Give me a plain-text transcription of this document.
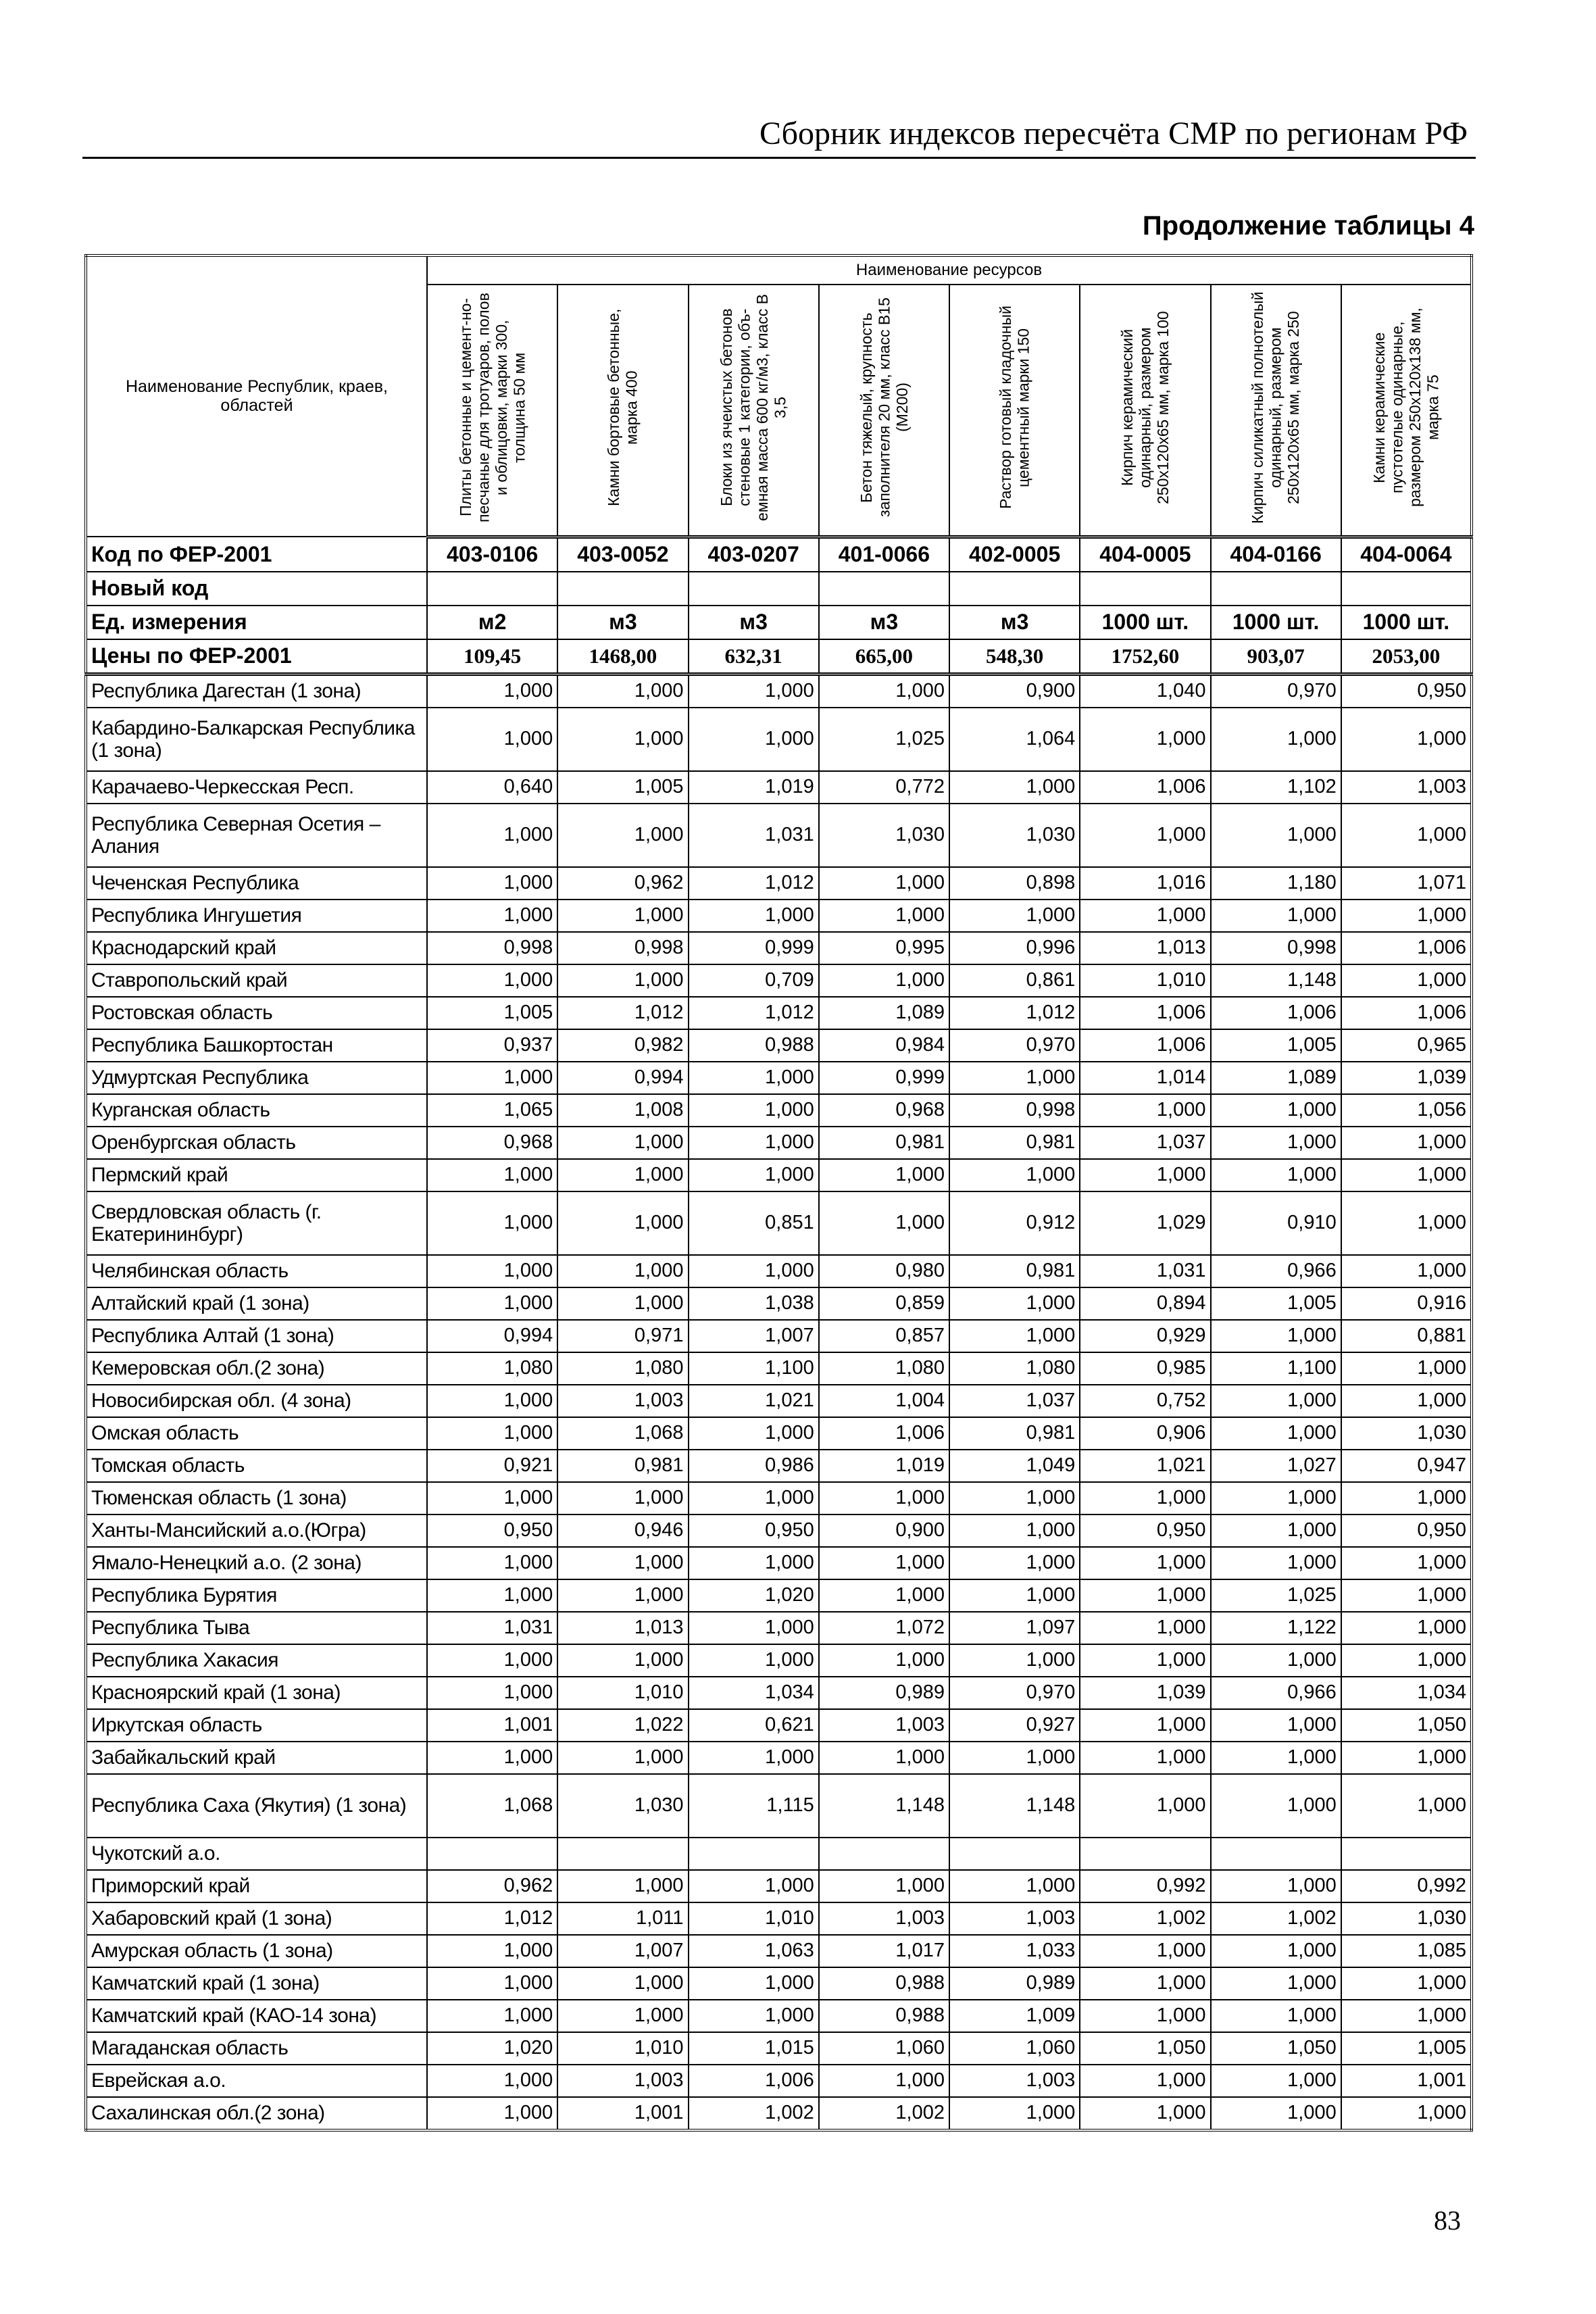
Сборник индексов пересчёта СМР по регионам РФ
Продолжение таблицы 4
Наименование Республик, краев, областей	Наименование ресурсов							
	Плиты бетонные и цемент-но-песчаные для тротуаров, полов и облицовки, марки 300, толщина 50 мм	Камни бортовые бетонные, марка 400	Блоки из ячеистых бетонов стеновые 1 категории, объ-емная масса 600 кг/м3, класс В 3,5	Бетон тяжелый, крупность заполнителя 20 мм, класс В15 (М200)	Раствор готовый кладочный цементный марки 150	Кирпич керамический одинарный, размером 250х120х65 мм, марка 100	Кирпич силикатный полнотелый одинарный, размером 250х120х65 мм, марка 250	Камни керамические пустотелые одинарные, размером 250х120х138 мм, марка 75
Код по ФЕР-2001	403-0106	403-0052	403-0207	401-0066	402-0005	404-0005	404-0166	404-0064
Новый код								
Ед. измерения	м2	м3	м3	м3	м3	1000 шт.	1000 шт.	1000 шт.
Цены по ФЕР-2001	109,45	1468,00	632,31	665,00	548,30	1752,60	903,07	2053,00
Республика Дагестан (1 зона)	1,000	1,000	1,000	1,000	0,900	1,040	0,970	0,950
Кабардино-Балкарская Республика (1 зона)	1,000	1,000	1,000	1,025	1,064	1,000	1,000	1,000
Карачаево-Черкесская Респ.	0,640	1,005	1,019	0,772	1,000	1,006	1,102	1,003
Республика Северная Осетия – Алания	1,000	1,000	1,031	1,030	1,030	1,000	1,000	1,000
Чеченская Республика	1,000	0,962	1,012	1,000	0,898	1,016	1,180	1,071
Республика Ингушетия	1,000	1,000	1,000	1,000	1,000	1,000	1,000	1,000
Краснодарский край	0,998	0,998	0,999	0,995	0,996	1,013	0,998	1,006
Ставропольский край	1,000	1,000	0,709	1,000	0,861	1,010	1,148	1,000
Ростовская область	1,005	1,012	1,012	1,089	1,012	1,006	1,006	1,006
Республика Башкортостан	0,937	0,982	0,988	0,984	0,970	1,006	1,005	0,965
Удмуртская Республика	1,000	0,994	1,000	0,999	1,000	1,014	1,089	1,039
Курганская область	1,065	1,008	1,000	0,968	0,998	1,000	1,000	1,056
Оренбургская область	0,968	1,000	1,000	0,981	0,981	1,037	1,000	1,000
Пермский край	1,000	1,000	1,000	1,000	1,000	1,000	1,000	1,000
Свердловская область (г. Екатерининбург)	1,000	1,000	0,851	1,000	0,912	1,029	0,910	1,000
Челябинская область	1,000	1,000	1,000	0,980	0,981	1,031	0,966	1,000
Алтайский край (1 зона)	1,000	1,000	1,038	0,859	1,000	0,894	1,005	0,916
Республика Алтай (1 зона)	0,994	0,971	1,007	0,857	1,000	0,929	1,000	0,881
Кемеровская обл.(2 зона)	1,080	1,080	1,100	1,080	1,080	0,985	1,100	1,000
Новосибирская обл. (4 зона)	1,000	1,003	1,021	1,004	1,037	0,752	1,000	1,000
Омская область	1,000	1,068	1,000	1,006	0,981	0,906	1,000	1,030
Томская область	0,921	0,981	0,986	1,019	1,049	1,021	1,027	0,947
Тюменская область (1 зона)	1,000	1,000	1,000	1,000	1,000	1,000	1,000	1,000
Ханты-Мансийский а.о.(Югра)	0,950	0,946	0,950	0,900	1,000	0,950	1,000	0,950
Ямало-Ненецкий а.о. (2 зона)	1,000	1,000	1,000	1,000	1,000	1,000	1,000	1,000
Республика Бурятия	1,000	1,000	1,020	1,000	1,000	1,000	1,025	1,000
Республика Тыва	1,031	1,013	1,000	1,072	1,097	1,000	1,122	1,000
Республика Хакасия	1,000	1,000	1,000	1,000	1,000	1,000	1,000	1,000
Красноярский край (1 зона)	1,000	1,010	1,034	0,989	0,970	1,039	0,966	1,034
Иркутская область	1,001	1,022	0,621	1,003	0,927	1,000	1,000	1,050
Забайкальский край	1,000	1,000	1,000	1,000	1,000	1,000	1,000	1,000
Республика Саха (Якутия) (1 зона)	1,068	1,030	1,115	1,148	1,148	1,000	1,000	1,000
Чукотский а.о.								
Приморский край	0,962	1,000	1,000	1,000	1,000	0,992	1,000	0,992
Хабаровский край (1 зона)	1,012	1,011	1,010	1,003	1,003	1,002	1,002	1,030
Амурская область (1 зона)	1,000	1,007	1,063	1,017	1,033	1,000	1,000	1,085
Камчатский край (1 зона)	1,000	1,000	1,000	0,988	0,989	1,000	1,000	1,000
Камчатский край (КАО-14 зона)	1,000	1,000	1,000	0,988	1,009	1,000	1,000	1,000
Магаданская область	1,020	1,010	1,015	1,060	1,060	1,050	1,050	1,005
Еврейская а.о.	1,000	1,003	1,006	1,000	1,003	1,000	1,000	1,001
Сахалинская обл.(2 зона)	1,000	1,001	1,002	1,002	1,000	1,000	1,000	1,000
83
